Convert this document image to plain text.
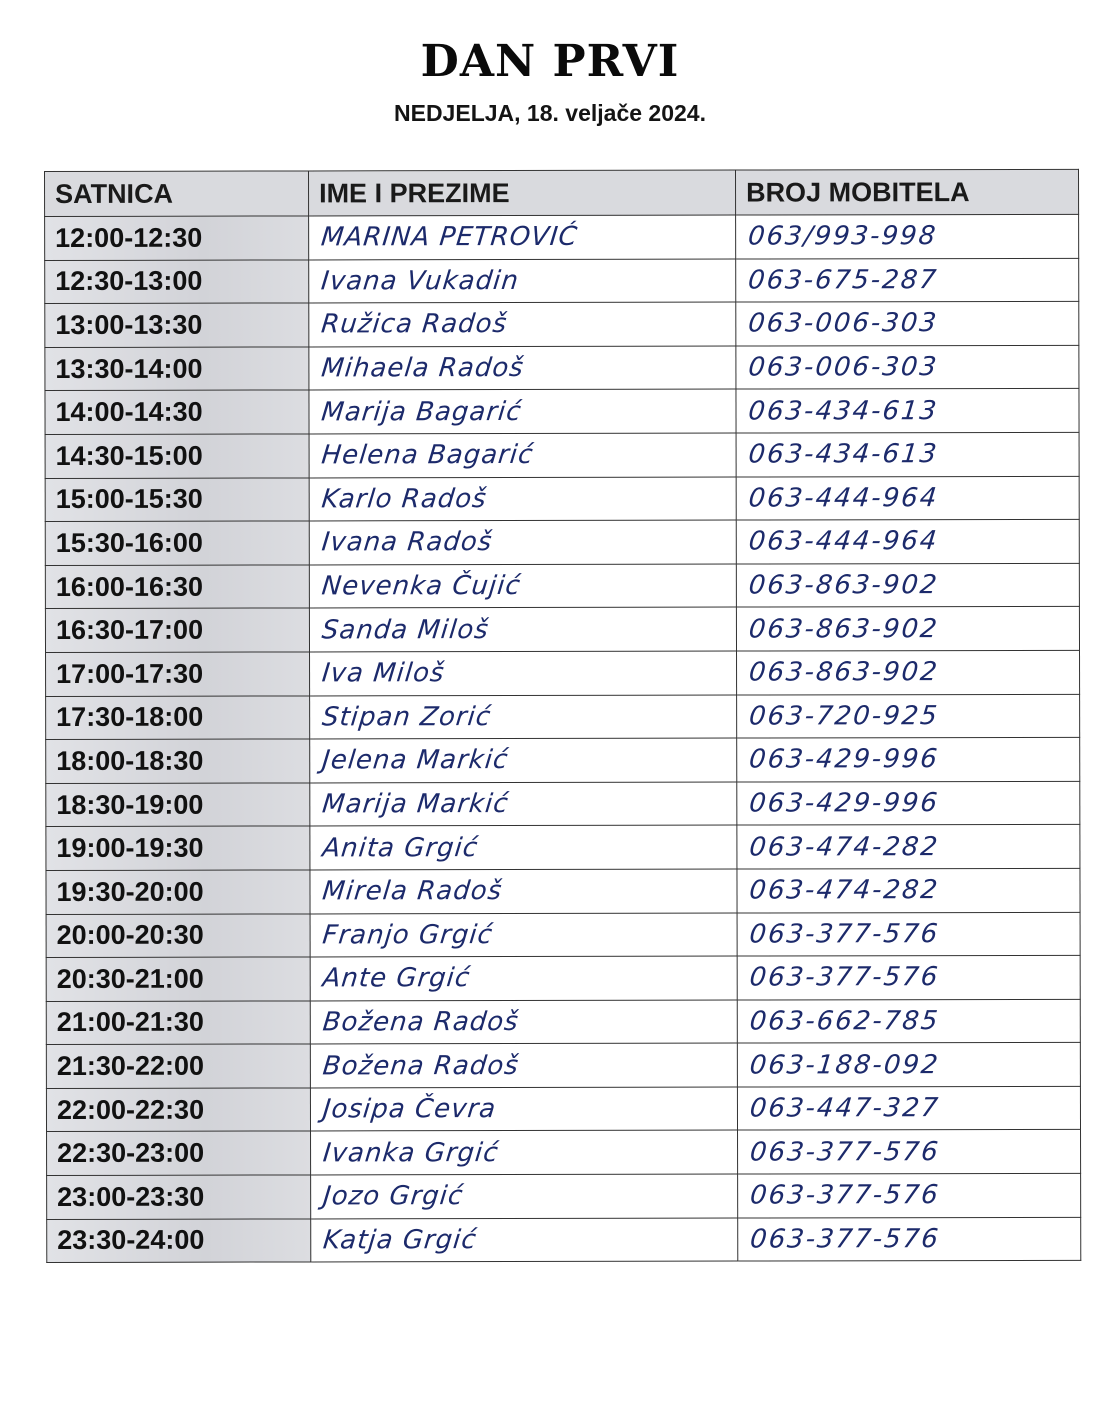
DAN PRVI
NEDJELJA, 18. veljače 2024.
SATNICA	IME I PREZIME	BROJ MOBITELA
12:00-12:30	MARINA PETROVIĆ	063/993-998
12:30-13:00	Ivana Vukadin	063-675-287
13:00-13:30	Ružica Radoš	063-006-303
13:30-14:00	Mihaela Radoš	063-006-303
14:00-14:30	Marija Bagarić	063-434-613
14:30-15:00	Helena Bagarić	063-434-613
15:00-15:30	Karlo Radoš	063-444-964
15:30-16:00	Ivana Radoš	063-444-964
16:00-16:30	Nevenka Čujić	063-863-902
16:30-17:00	Sanda Miloš	063-863-902
17:00-17:30	Iva Miloš	063-863-902
17:30-18:00	Stipan Zorić	063-720-925
18:00-18:30	Jelena Markić	063-429-996
18:30-19:00	Marija Markić	063-429-996
19:00-19:30	Anita Grgić	063-474-282
19:30-20:00	Mirela Radoš	063-474-282
20:00-20:30	Franjo Grgić	063-377-576
20:30-21:00	Ante Grgić	063-377-576
21:00-21:30	Božena Radoš	063-662-785
21:30-22:00	Božena Radoš	063-188-092
22:00-22:30	Josipa Čevra	063-447-327
22:30-23:00	Ivanka Grgić	063-377-576
23:00-23:30	Jozo Grgić	063-377-576
23:30-24:00	Katja Grgić	063-377-576
